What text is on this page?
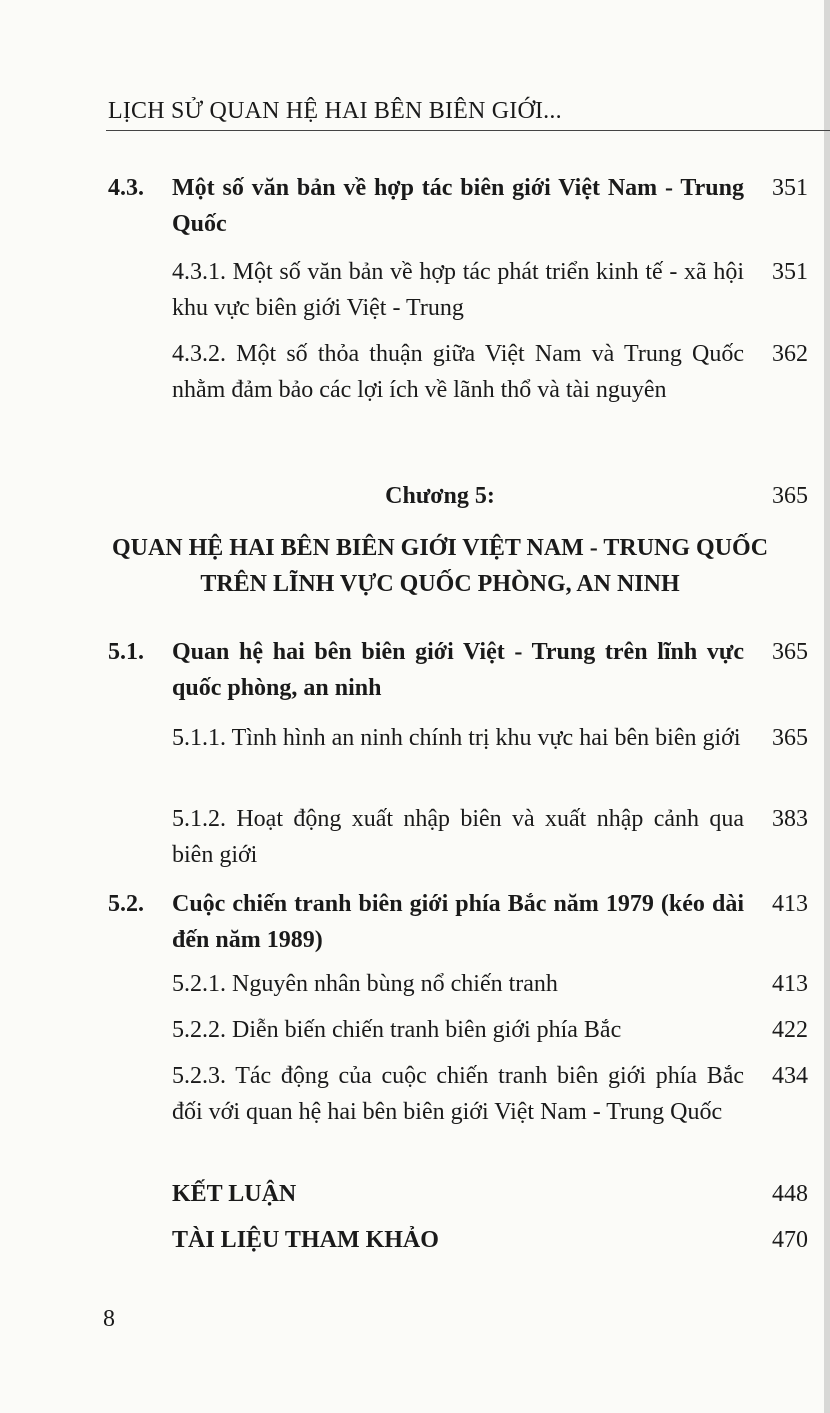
LỊCH SỬ QUAN HỆ HAI BÊN BIÊN GIỚI...
4.3. Một số văn bản về hợp tác biên giới Việt Nam - Trung Quốc
351
4.3.1. Một số văn bản về hợp tác phát triển kinh tế - xã hội khu vực biên giới Việt - Trung
351
4.3.2. Một số thỏa thuận giữa Việt Nam và Trung Quốc nhằm đảm bảo các lợi ích về lãnh thổ và tài nguyên
362
Chương 5:	365
QUAN HỆ HAI BÊN BIÊN GIỚI VIỆT NAM - TRUNG QUỐC
TRÊN LĨNH VỰC QUỐC PHÒNG, AN NINH
5.1. Quan hệ hai bên biên giới Việt - Trung trên lĩnh vực quốc phòng, an ninh
365
5.1.1. Tình hình an ninh chính trị khu vực hai bên biên giới	365
5.1.2. Hoạt động xuất nhập biên và xuất nhập cảnh qua biên giới
383
5.2. Cuộc chiến tranh biên giới phía Bắc năm 1979 (kéo dài đến năm 1989)
413
5.2.1. Nguyên nhân bùng nổ chiến tranh	413
5.2.2. Diễn biến chiến tranh biên giới phía Bắc	422
5.2.3. Tác động của cuộc chiến tranh biên giới phía Bắc đối với quan hệ hai bên biên giới Việt Nam - Trung Quốc
434
KẾT LUẬN	448
TÀI LIỆU THAM KHẢO	470
8
